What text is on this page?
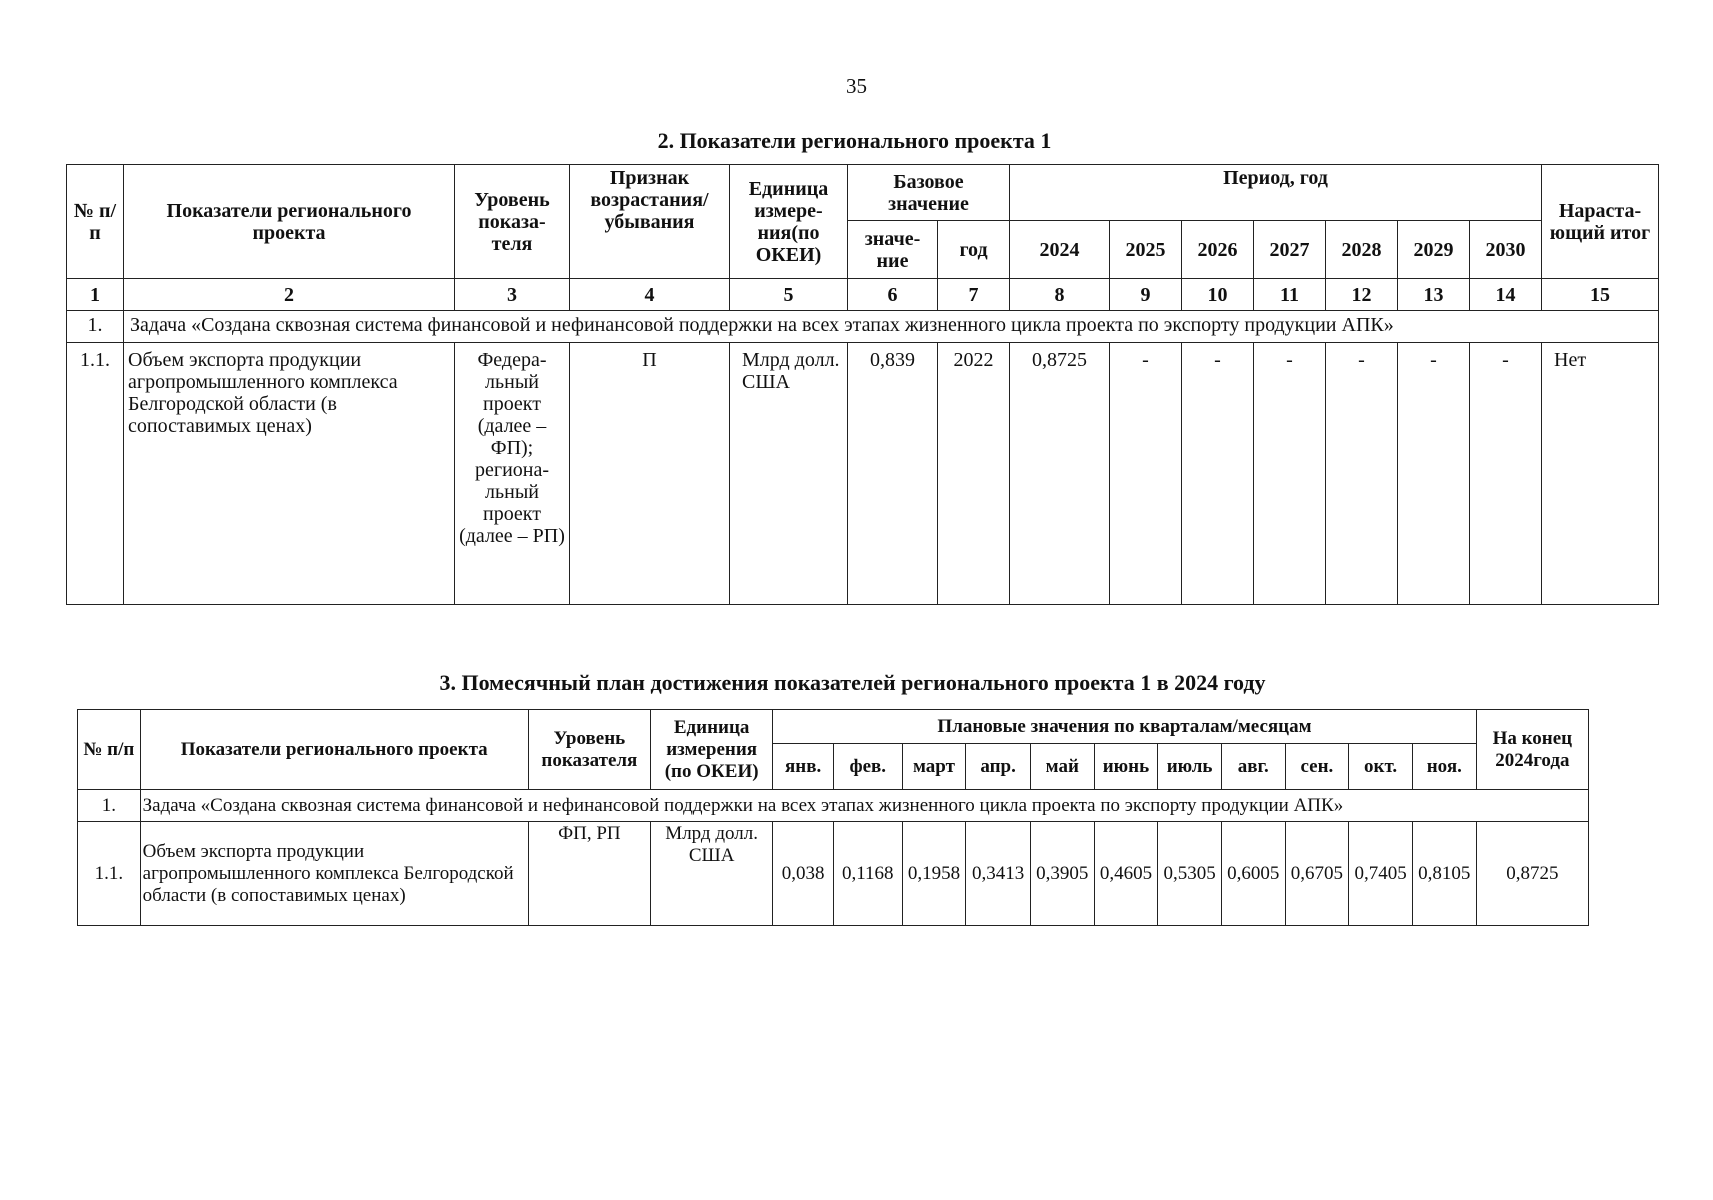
35
2. Показатели регионального проекта 1
№ п/п	Показатели регионального проекта	Уровень показа-теля	Признак возрастания/ убывания	Единица измере-ния(по ОКЕИ)	Базовое значение		Период, год							Нараста-ющий итог
					значе-ние	год	2024	2025	2026	2027	2028	2029	2030	
1	2	3	4	5	6	7	8	9	10	11	12	13	14	15
1.	Задача «Создана сквозная система финансовой и нефинансовой поддержки на всех этапах жизненного цикла проекта по экспорту продукции АПК»													
1.1.	Объем экспорта продукции агропромышленного комплекса Белгородской области (в сопоставимых ценах)	Федера-льный проект (далее – ФП); регионa-льный проект (далее – РП)	П	Млрд долл. США	0,839	2022	0,8725	-	-	-	-	-	-	Нет
3. Помесячный план достижения показателей регионального проекта 1 в 2024 году
№ п/п	Показатели регионального проекта	Уровень показателя	Единица измерения (по ОКЕИ)	Плановые значения по кварталам/месяцам											На конец 2024года
				янв.	фев.	март	апр.	май	июнь	июль	авг.	сен.	окт.	ноя.	
1.	Задача «Создана сквозная система финансовой и нефинансовой поддержки на всех этапах жизненного цикла проекта по экспорту продукции АПК»														
1.1.	Объем экспорта продукции агропромышленного комплекса Белгородской области (в сопоставимых ценах)	ФП, РП	Млрд долл. США	0,038	0,1168	0,1958	0,3413	0,3905	0,4605	0,5305	0,6005	0,6705	0,7405	0,8105	0,8725
